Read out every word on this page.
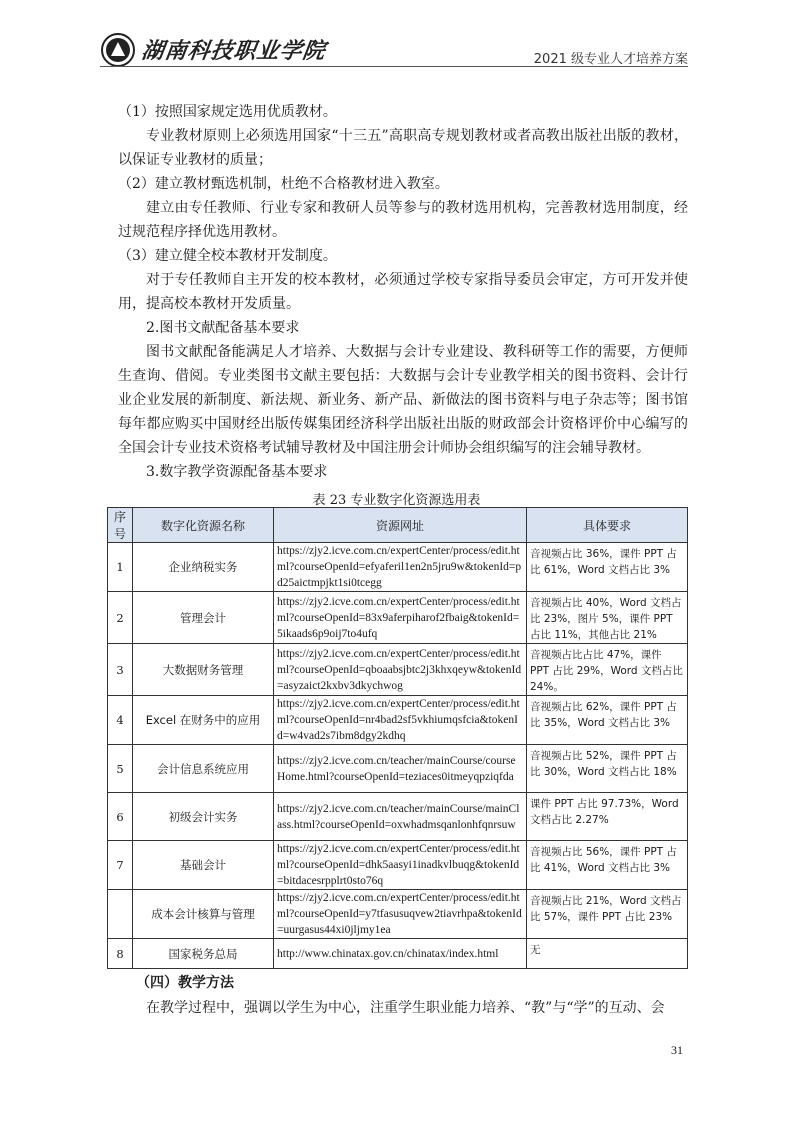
湖南科技职业学院	2021 级专业人才培养方案
（1）按照国家规定选用优质教材。
专业教材原则上必须选用国家“十三五”高职高专规划教材或者高教出版社出版的教材，以保证专业教材的质量；
（2）建立教材甄选机制，杜绝不合格教材进入教室。
建立由专任教师、行业专家和教研人员等参与的教材选用机构，完善教材选用制度，经过规范程序择优选用教材。
（3）建立健全校本教材开发制度。
对于专任教师自主开发的校本教材，必须通过学校专家指导委员会审定，方可开发并使用，提高校本教材开发质量。
2.图书文献配备基本要求
图书文献配备能满足人才培养、大数据与会计专业建设、教科研等工作的需要，方便师生查询、借阅。专业类图书文献主要包括：大数据与会计专业教学相关的图书资料、会计行业企业发展的新制度、新法规、新业务、新产品、新做法的图书资料与电子杂志等；图书馆每年都应购买中国财经出版传媒集团经济科学出版社出版的财政部会计资格评价中心编写的全国会计专业技术资格考试辅导教材及中国注册会计师协会组织编写的注会辅导教材。
3.数字教学资源配备基本要求
表 23 专业数字化资源选用表
序号	数字化资源名称	资源网址	具体要求
1	企业纳税实务	https://zjy2.icve.com.cn/expertCenter/process/edit.html?courseOpenId=efyaferil1en2n5jru9w&tokenId=pd25aictmpjkt1si0tcegg	音视频占比 36%，课件 PPT 占比 61%，Word 文档占比 3%
2	管理会计	https://zjy2.icve.com.cn/expertCenter/process/edit.html?courseOpenId=83x9aferpiharof2fbaig&tokenId=5ikaads6p9oij7to4ufq	音视频占比 40%，Word 文档占比 23%，图片 5%，课件 PPT 占比 11%，其他占比 21%
3	大数据财务管理	https://zjy2.icve.com.cn/expertCenter/process/edit.html?courseOpenId=qboaabsjbtc2j3khxqeyw&tokenId=asyzaict2kxbv3dkychwog	音视频占比占比 47%，课件 PPT 占比 29%，Word 文档占比 24%。
4	Excel 在财务中的应用	https://zjy2.icve.com.cn/expertCenter/process/edit.html?courseOpenId=nr4bad2sf5vkhiumqsfcia&tokenId=w4vad2s7ibm8dgy2kdhq	音视频占比 62%，课件 PPT 占比 35%，Word 文档占比 3%
5	会计信息系统应用	https://zjy2.icve.com.cn/teacher/mainCourse/courseHome.html?courseOpenId=teziaces0itmeyqpziqfda	音视频占比 52%，课件 PPT 占比 30%，Word 文档占比 18%
6	初级会计实务	https://zjy2.icve.com.cn/teacher/mainCourse/mainClass.html?courseOpenId=oxwhadmsqanlonhfqnrsuw	课件 PPT 占比 97.73%，Word 文档占比 2.27%
7	基础会计	https://zjy2.icve.com.cn/expertCenter/process/edit.html?courseOpenId=dhk5aasyi1inadkvlbuqg&tokenId=bitdacesrpplrt0sto76q	音视频占比 56%，课件 PPT 占比 41%，Word 文档占比 3%
	成本会计核算与管理	https://zjy2.icve.com.cn/expertCenter/process/edit.html?courseOpenId=y7tfasusuqvew2tiavrhpa&tokenId=uurgasus44xi0jljmy1ea	音视频占比 21%，Word 文档占比 57%，课件 PPT 占比 23%
8	国家税务总局	http://www.chinatax.gov.cn/chinatax/index.html	无
（四）教学方法
在教学过程中，强调以学生为中心，注重学生职业能力培养、“教”与“学”的互动、会
31
